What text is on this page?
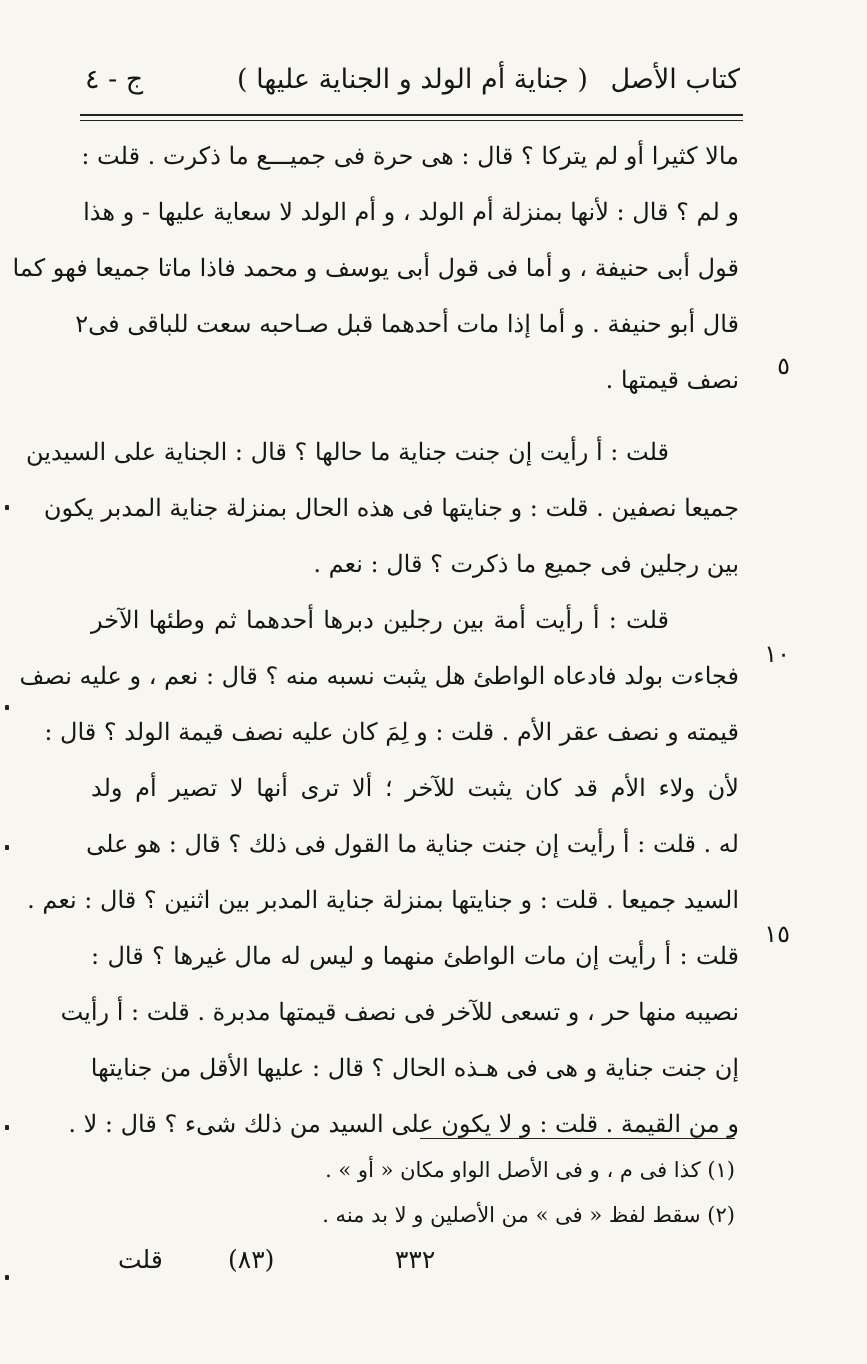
كتاب الأصل
( جناية أم الولد و الجناية عليها )
ج - ٤
مالا كثيرا أو لم يتركا ؟ قال : هى حرة فى جميـــع ما ذكرت . قلت :
و لم ؟ قال : لأنها بمنزلة أم الولد ، و أم الولد لا سعاية عليها - و هذا
قول أبى حنيفة ، و أما فى قول أبى يوسف و محمد فاذا ماتا جميعا فهو كما
قال أبو حنيفة . و أما إذا مات أحدهما قبل صـاحبه سعت للباقى فى٢
نصف قيمتها .
قلت : أ رأيت إن جنت جناية ما حالها ؟ قال : الجناية على السيدين
جميعا نصفين . قلت : و جنايتها فى هذه الحال بمنزلة جناية المدبر يكون
بين رجلين فى جميع ما ذكرت ؟ قال : نعم .
قلت : أ رأيت أمة بين رجلين دبرها أحدهما ثم وطئها الآخر
فجاءت بولد فادعاه الواطئ هل يثبت نسبه منه ؟ قال : نعم ، و عليه نصف
قيمته و نصف عقر الأم . قلت : و لِمَ كان عليه نصف قيمة الولد ؟ قال :
لأن ولاء الأم قد كان يثبت للآخر ؛ ألا ترى أنها لا تصير أم ولد
له . قلت : أ رأيت إن جنت جناية ما القول فى ذلك ؟ قال : هو على
السيد جميعا . قلت : و جنايتها بمنزلة جناية المدبر بين اثنين ؟ قال : نعم .
قلت : أ رأيت إن مات الواطئ منهما و ليس له مال غيرها ؟ قال :
نصيبه منها حر ، و تسعى للآخر فى نصف قيمتها مدبرة . قلت : أ رأيت
إن جنت جناية و هى فى هـذه الحال ؟ قال : عليها الأقل من جنايتها
و من القيمة . قلت : و لا يكون على السيد من ذلك شىء ؟ قال : لا .
٥
١٠
١٥
(١) كذا فى م ، و فى الأصل الواو مكان « أو » .
(٢) سقط لفظ « فى » من الأصلين و لا بد منه .
قلت	(٨٣)	٣٣٢
